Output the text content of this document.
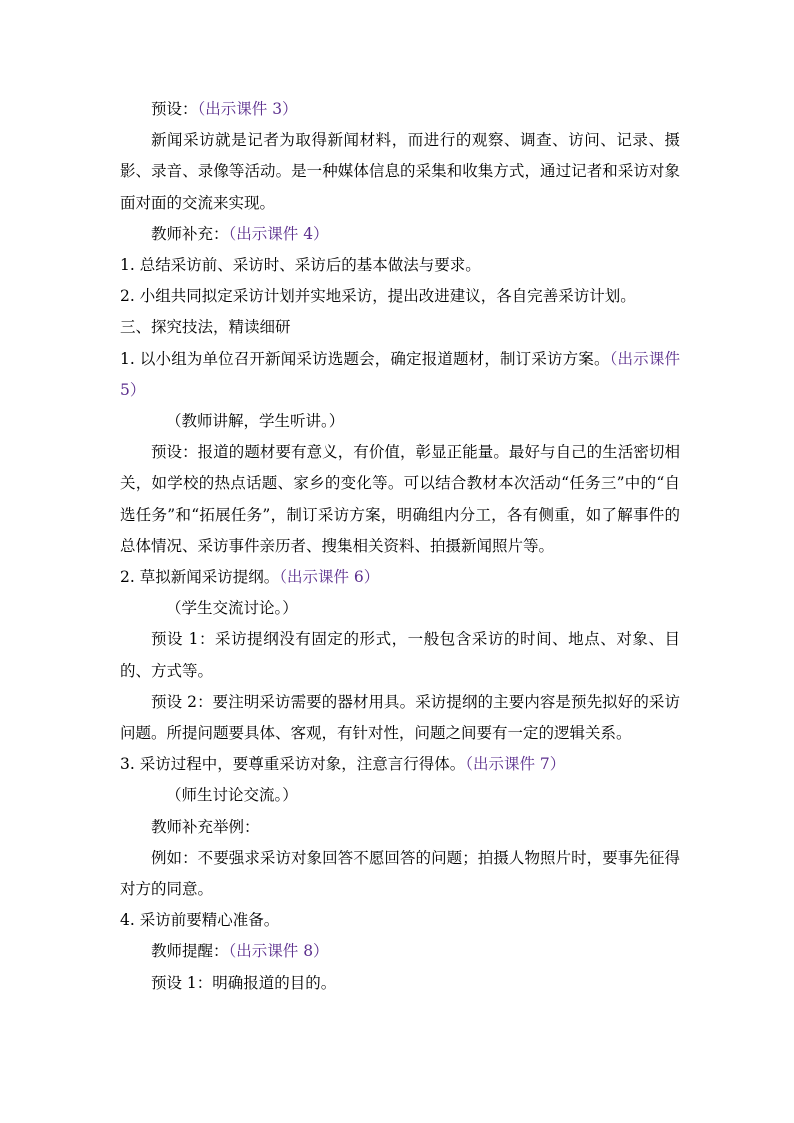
预设：（出示课件 3）

新闻采访就是记者为取得新闻材料，而进行的观察、调查、访问、记录、摄影、录音、录像等活动。是一种媒体信息的采集和收集方式，通过记者和采访对象面对面的交流来实现。

教师补充：（出示课件 4）

1. 总结采访前、采访时、采访后的基本做法与要求。

2. 小组共同拟定采访计划并实地采访，提出改进建议，各自完善采访计划。

三、探究技法，精读细研

1. 以小组为单位召开新闻采访选题会，确定报道题材，制订采访方案。（出示课件 5）

（教师讲解，学生听讲。）

预设：报道的题材要有意义，有价值，彰显正能量。最好与自己的生活密切相关，如学校的热点话题、家乡的变化等。可以结合教材本次活动“任务三”中的“自选任务”和“拓展任务”，制订采访方案，明确组内分工，各有侧重，如了解事件的总体情况、采访事件亲历者、搜集相关资料、拍摄新闻照片等。

2. 草拟新闻采访提纲。（出示课件 6）

（学生交流讨论。）

预设 1：采访提纲没有固定的形式，一般包含采访的时间、地点、对象、目的、方式等。

预设 2：要注明采访需要的器材用具。采访提纲的主要内容是预先拟好的采访问题。所提问题要具体、客观，有针对性，问题之间要有一定的逻辑关系。

3. 采访过程中，要尊重采访对象，注意言行得体。（出示课件 7）

（师生讨论交流。）

教师补充举例：

例如：不要强求采访对象回答不愿回答的问题；拍摄人物照片时，要事先征得对方的同意。

4. 采访前要精心准备。

教师提醒：（出示课件 8）

预设 1：明确报道的目的。
